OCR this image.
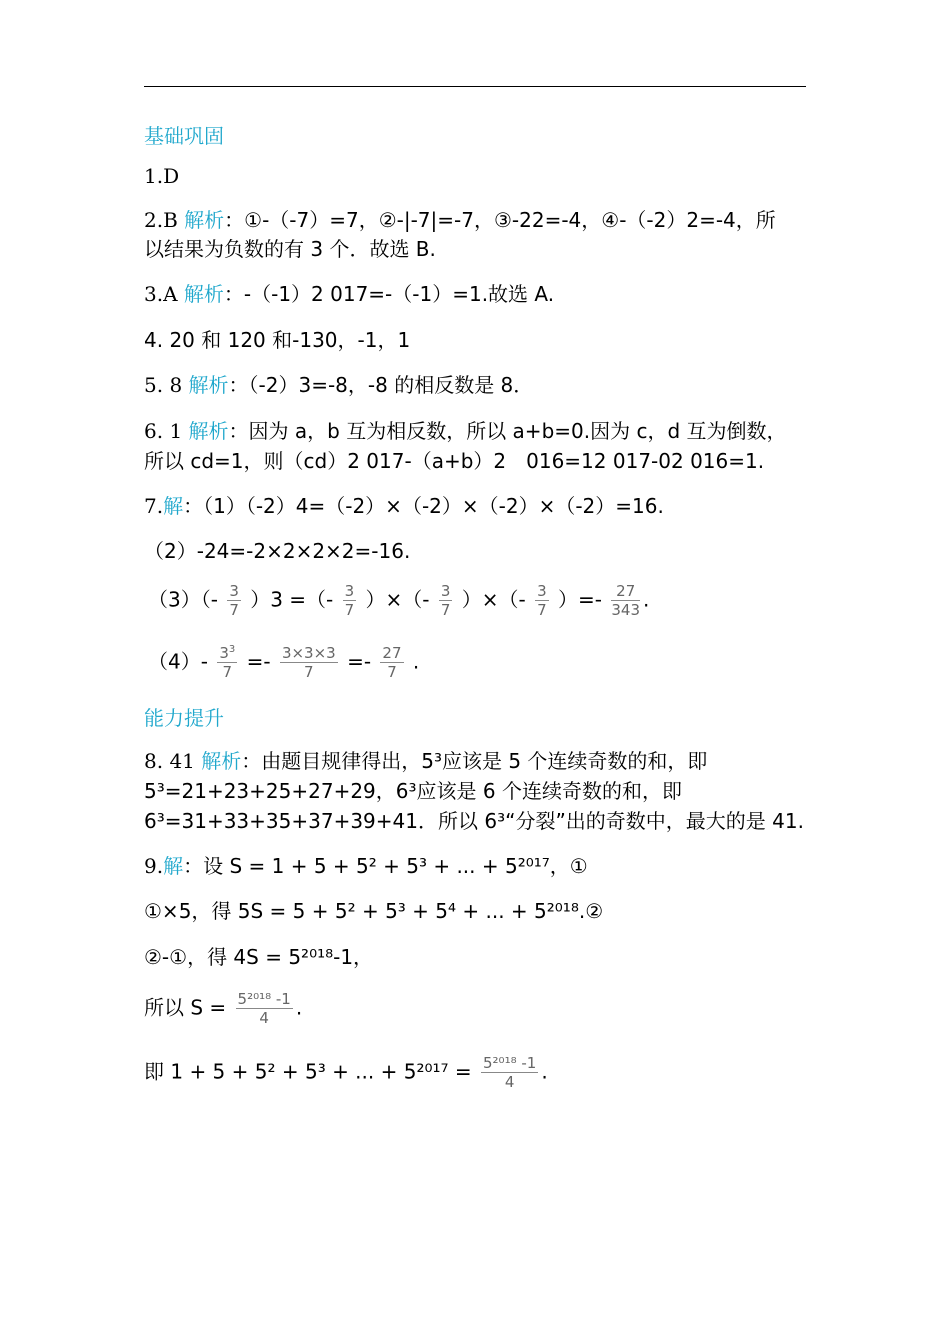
基础巩固
1.D
2.B 解析：①-（-7）=7，②-|-7|=-7，③-22=-4，④-（-2）2=-4，所
以结果为负数的有 3 个．故选 B.
3.A 解析：-（-1）2 017=-（-1）=1.故选 A.
4. 20 和 120 和-130，-1，1
5. 8 解析：（-2）3=-8，-8 的相反数是 8．
6. 1 解析：因为 a，b 互为相反数，所以 a+b=0.因为 c，d 互为倒数，
所以 cd=1，则（cd）2 017-（a+b）2　016=12 017-02 016=1.
7.解：（1）（-2）4=（-2）×（-2）×（-2）×（-2）=16.
（2）-24=-2×2×2×2=-16.
$(3)(- \frac{3}{7} )3$ =（- $\frac{3}{7}$ ）×（- $\frac{3}{7}$ ）×（- $\frac{3}{7}$ ）=- $\frac{27}{343}$ .
$(4)- \frac{3^3}{7} =- \frac{3\times 3\times 3}{7} =- \frac{27}{7}$ .
能力提升
8. 41 解析：由题目规律得出，5³应该是 5 个连续奇数的和，即
5³=21+23+25+27+29，6³应该是 6 个连续奇数的和，即
6³=31+33+35+37+39+41．所以 6³“分裂”出的奇数中，最大的是 41.
9.解：设 S = 1 + 5 + 5² + 5³ + ... + 5²⁰¹⁷，①
①×5，得 5S = 5 + 5² + 5³ + 5⁴ + ... + 5²⁰¹⁸.②
②-①，得 4S = 5²⁰¹⁸-1，
所以 $S = \frac{\text{5²⁰¹⁸ -1}}{4}$ .
即 1 + 5 + 5² + 5³ + ... + $5^{2017} = \frac{\text{5²⁰¹⁸ -1}}{4}$ .
